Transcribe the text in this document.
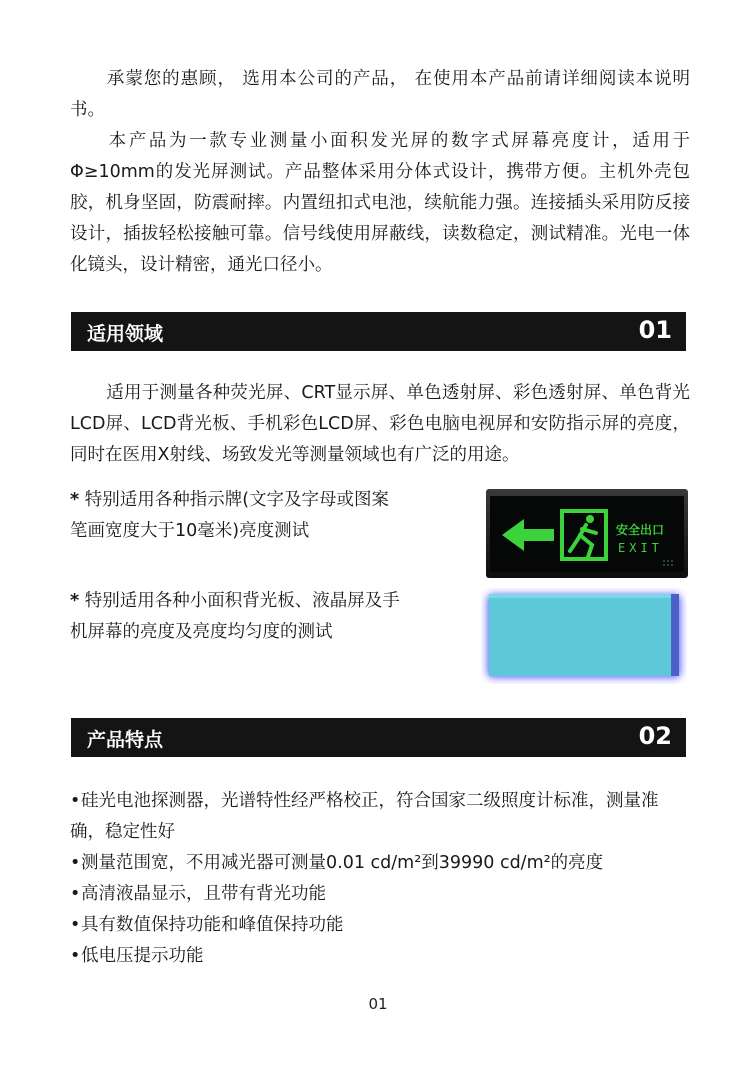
承蒙您的惠顾， 选用本公司的产品， 在使用本产品前请详细阅读本说明书。

本产品为一款专业测量小面积发光屏的数字式屏幕亮度计，适用于Φ≥10mm的发光屏测试。产品整体采用分体式设计，携带方便。主机外壳包胶，机身坚固，防震耐摔。内置纽扣式电池，续航能力强。连接插头采用防反接设计，插拔轻松接触可靠。信号线使用屏蔽线，读数稳定，测试精准。光电一体化镜头，设计精密，通光口径小。

适用领域	01

适用于测量各种荧光屏、CRT显示屏、单色透射屏、彩色透射屏、单色背光LCD屏、LCD背光板、手机彩色LCD屏、彩色电脑电视屏和安防指示屏的亮度，同时在医用X射线、场致发光等测量领域也有广泛的用途。

* 特别适用各种指示牌(文字及字母或图案笔画宽度大于10毫米)亮度测试
* 特别适用各种小面积背光板、液晶屏及手机屏幕的亮度及亮度均匀度的测试
安全出口
EXIT
产品特点	02
•硅光电池探测器，光谱特性经严格校正，符合国家二级照度计标准，测量准确，稳定性好
•测量范围宽，不用减光器可测量0.01 cd/m²到39990 cd/m²的亮度
•高清液晶显示，且带有背光功能
•具有数值保持功能和峰值保持功能
•低电压提示功能
01
